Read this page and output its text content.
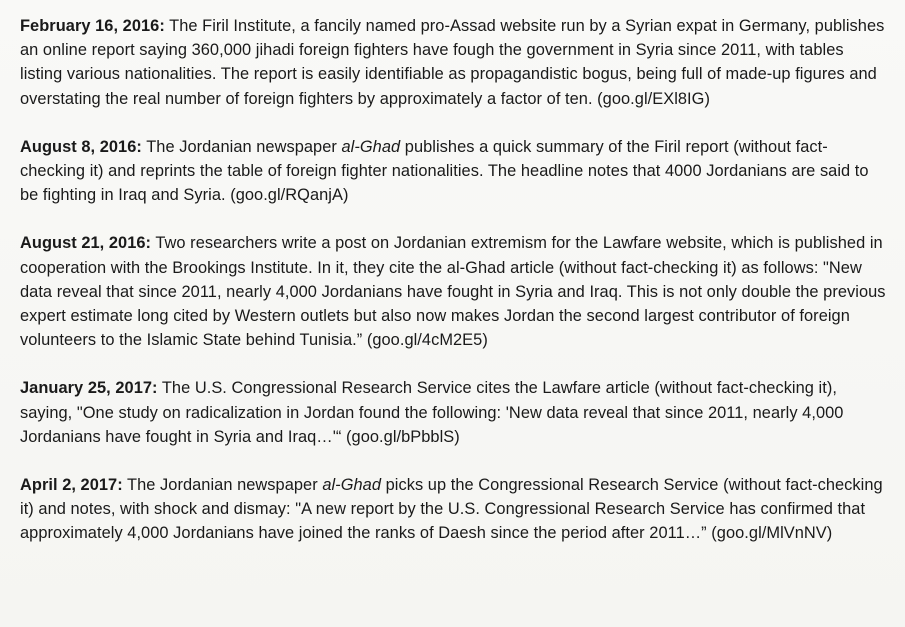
February 16, 2016: The Firil Institute, a fancily named pro-Assad website run by a Syrian expat in Germany, publishes an online report saying 360,000 jihadi foreign fighters have fough the government in Syria since 2011, with tables listing various nationalities. The report is easily identifiable as propagandistic bogus, being full of made-up figures and overstating the real number of foreign fighters by approximately a factor of ten. (goo.gl/EXl8IG)

August 8, 2016: The Jordanian newspaper al-Ghad publishes a quick summary of the Firil report (without fact-checking it) and reprints the table of foreign fighter nationalities. The headline notes that 4000 Jordanians are said to be fighting in Iraq and Syria. (goo.gl/RQanjA)

August 21, 2016: Two researchers write a post on Jordanian extremism for the Lawfare website, which is published in cooperation with the Brookings Institute. In it, they cite the al-Ghad article (without fact-checking it) as follows: "New data reveal that since 2011, nearly 4,000 Jordanians have fought in Syria and Iraq. This is not only double the previous expert estimate long cited by Western outlets but also now makes Jordan the second largest contributor of foreign volunteers to the Islamic State behind Tunisia.” (goo.gl/4cM2E5)

January 25, 2017: The U.S. Congressional Research Service cites the Lawfare article (without fact-checking it), saying, "One study on radicalization in Jordan found the following: 'New data reveal that since 2011, nearly 4,000 Jordanians have fought in Syria and Iraq…'“ (goo.gl/bPbblS)

April 2, 2017: The Jordanian newspaper al-Ghad picks up the Congressional Research Service (without fact-checking it) and notes, with shock and dismay: "A new report by the U.S. Congressional Research Service has confirmed that approximately 4,000 Jordanians have joined the ranks of Daesh since the period after 2011…” (goo.gl/MlVnNV)
